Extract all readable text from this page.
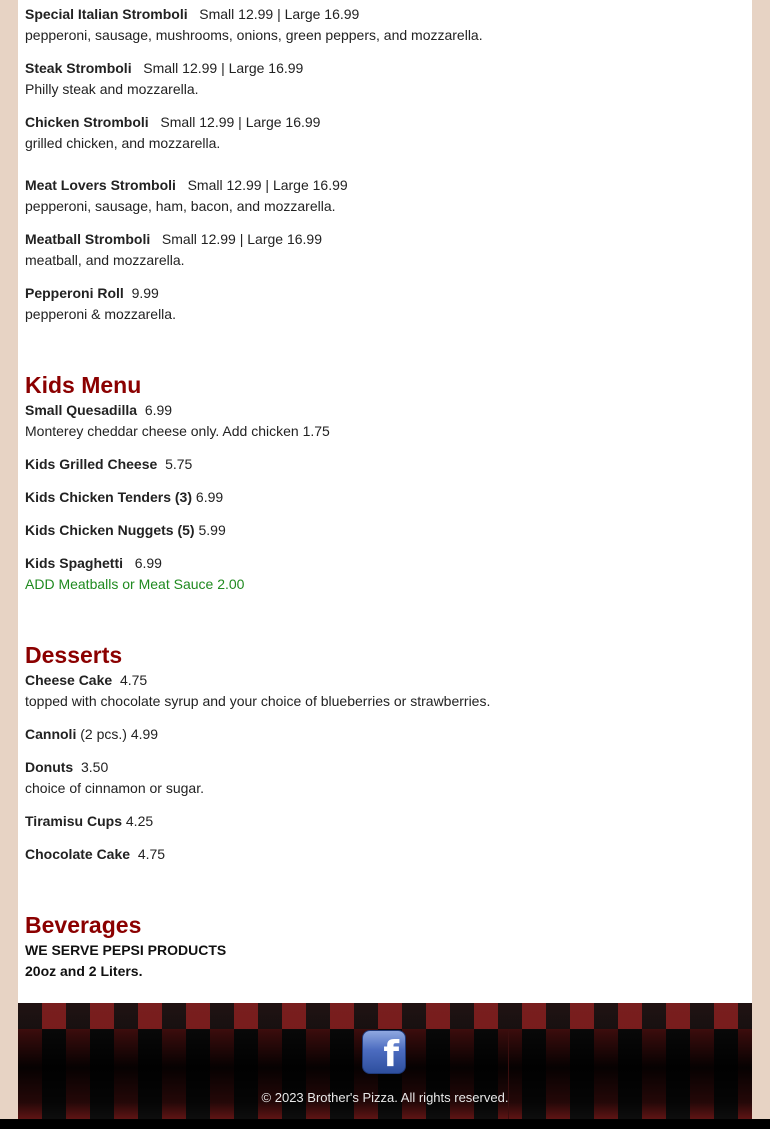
Special Italian Stromboli Small 12.99 | Large 16.99
pepperoni, sausage, mushrooms, onions, green peppers, and mozzarella.
Steak Stromboli Small 12.99 | Large 16.99
Philly steak and mozzarella.
Chicken Stromboli Small 12.99 | Large 16.99
grilled chicken, and mozzarella.
Meat Lovers Stromboli Small 12.99 | Large 16.99
pepperoni, sausage, ham, bacon, and mozzarella.
Meatball Stromboli Small 12.99 | Large 16.99
meatball, and mozzarella.
Pepperoni Roll 9.99
pepperoni & mozzarella.
Kids Menu
Small Quesadilla 6.99
Monterey cheddar cheese only. Add chicken 1.75
Kids Grilled Cheese 5.75
Kids Chicken Tenders (3) 6.99
Kids Chicken Nuggets (5) 5.99
Kids Spaghetti 6.99
ADD Meatballs or Meat Sauce 2.00
Desserts
Cheese Cake 4.75
topped with chocolate syrup and your choice of blueberries or strawberries.
Cannoli (2 pcs.) 4.99
Donuts 3.50
choice of cinnamon or sugar.
Tiramisu Cups 4.25
Chocolate Cake 4.75
Beverages
WE SERVE PEPSI PRODUCTS
20oz and 2 Liters.
f
© 2023 Brother's Pizza. All rights reserved.
